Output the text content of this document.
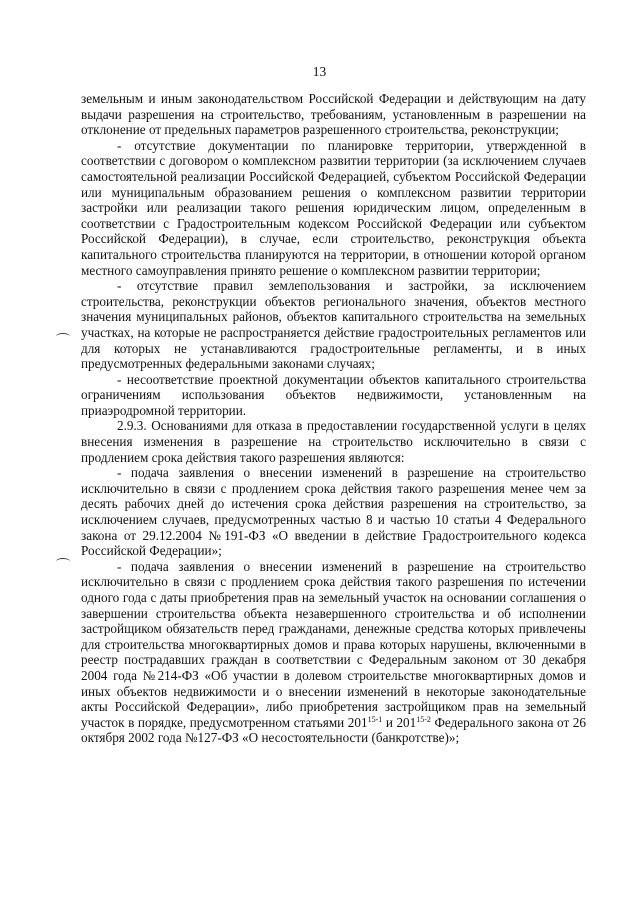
13

земельным и иным законодательством Российской Федерации и действующим на дату выдачи разрешения на строительство, требованиям, установленным в разрешении на отклонение от предельных параметров разрешенного строительства, реконструкции;

- отсутствие документации по планировке территории, утвержденной в соответствии с договором о комплексном развитии территории (за исключением случаев самостоятельной реализации Российской Федерацией, субъектом Российской Федерации или муниципальным образованием решения о комплексном развитии территории застройки или реализации такого решения юридическим лицом, определенным в соответствии с Градостроительным кодексом Российской Федерации или субъектом Российской Федерации), в случае, если строительство, реконструкция объекта капитального строительства планируются на территории, в отношении которой органом местного самоуправления принято решение о комплексном развитии территории;

- отсутствие правил землепользования и застройки, за исключением строительства, реконструкции объектов регионального значения, объектов местного значения муниципальных районов, объектов капитального строительства на земельных участках, на которые не распространяется действие градостроительных регламентов или для которых не устанавливаются градостроительные регламенты, и в иных предусмотренных федеральными законами случаях;

- несоответствие проектной документации объектов капитального строительства ограничениям использования объектов недвижимости, установленным на приаэродромной территории.

2.9.3. Основаниями для отказа в предоставлении государственной услуги в целях внесения изменения в разрешение на строительство исключительно в связи с продлением срока действия такого разрешения являются:

- подача заявления о внесении изменений в разрешение на строительство исключительно в связи с продлением срока действия такого разрешения менее чем за десять рабочих дней до истечения срока действия разрешения на строительство, за исключением случаев, предусмотренных частью 8 и частью 10 статьи 4 Федерального закона от 29.12.2004 №191-ФЗ «О введении в действие Градостроительного кодекса Российской Федерации»;

- подача заявления о внесении изменений в разрешение на строительство исключительно в связи с продлением срока действия такого разрешения по истечении одного года с даты приобретения прав на земельный участок на основании соглашения о завершении строительства объекта незавершенного строительства и об исполнении застройщиком обязательств перед гражданами, денежные средства которых привлечены для строительства многоквартирных домов и права которых нарушены, включенными в реестр пострадавших граждан в соответствии с Федеральным законом от 30 декабря 2004 года №214-ФЗ «Об участии в долевом строительстве многоквартирных домов и иных объектов недвижимости и о внесении изменений в некоторые законодательные акты Российской Федерации», либо приобретения застройщиком прав на земельный участок в порядке, предусмотренном статьями 201$^{15-1}$ и 201$^{15-2}$ Федерального закона от 26 октября 2002 года №127-ФЗ «О несостоятельности (банкротстве)»;
